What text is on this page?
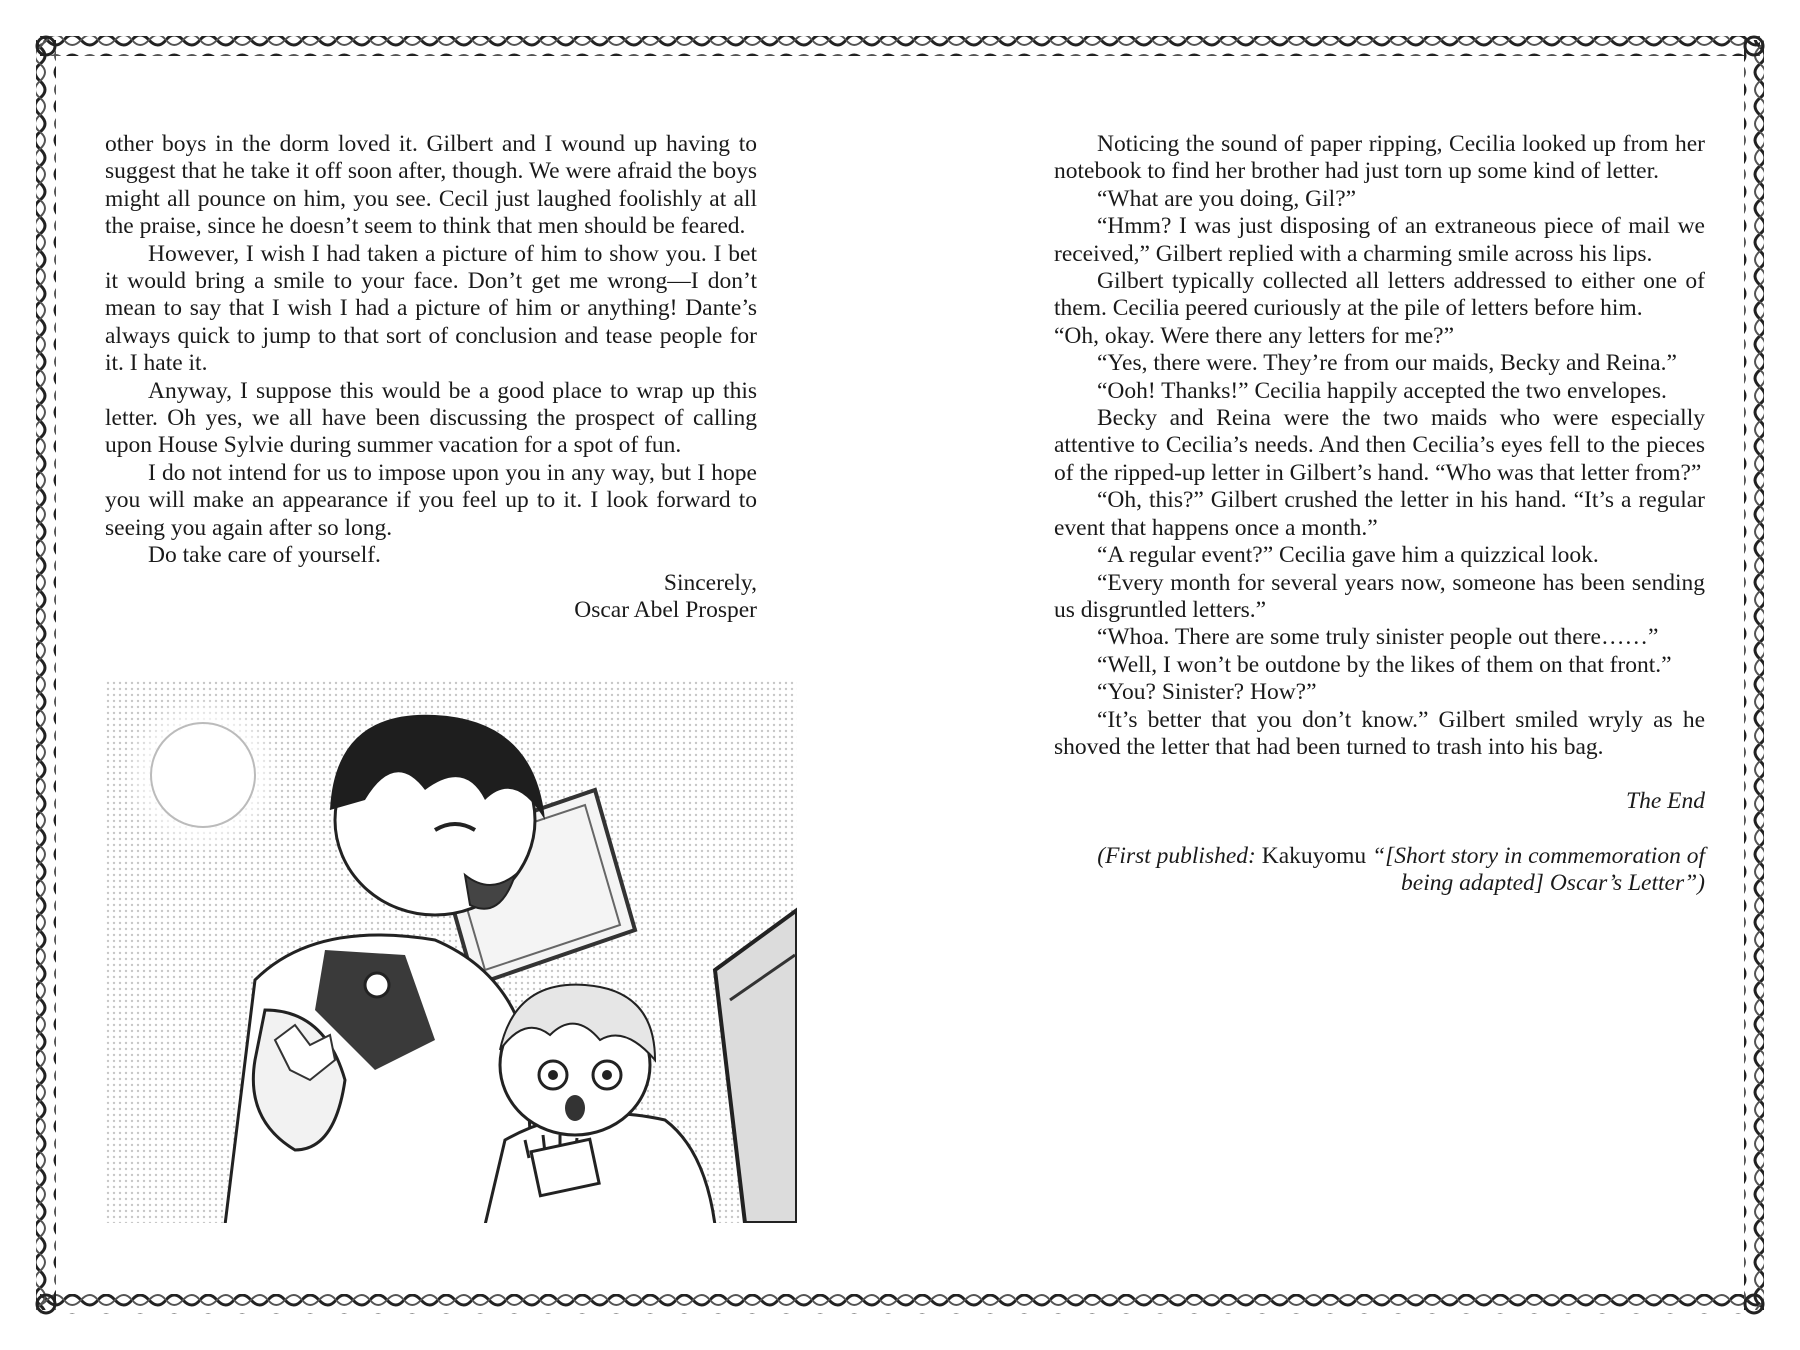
other boys in the dorm loved it. Gilbert and I wound up having to suggest that he take it off soon after, though. We were afraid the boys might all pounce on him, you see. Cecil just laughed foolishly at all the praise, since he doesn’t seem to think that men should be feared.

However, I wish I had taken a picture of him to show you. I bet it would bring a smile to your face. Don’t get me wrong—I don’t mean to say that I wish I had a picture of him or anything! Dante’s always quick to jump to that sort of conclusion and tease people for it. I hate it.

Anyway, I suppose this would be a good place to wrap up this letter. Oh yes, we all have been discussing the prospect of calling upon House Sylvie during summer vacation for a spot of fun.

I do not intend for us to impose upon you in any way, but I hope you will make an appearance if you feel up to it. I look forward to seeing you again after so long.

Do take care of yourself.

Sincerely,

Oscar Abel Prosper

Noticing the sound of paper ripping, Cecilia looked up from her notebook to find her brother had just torn up some kind of letter.

“What are you doing, Gil?”

“Hmm? I was just disposing of an extraneous piece of mail we received,” Gilbert replied with a charming smile across his lips.

Gilbert typically collected all letters addressed to either one of them. Cecilia peered curiously at the pile of letters before him.

“Oh, okay. Were there any letters for me?”

“Yes, there were. They’re from our maids, Becky and Reina.”

“Ooh! Thanks!” Cecilia happily accepted the two envelopes.

Becky and Reina were the two maids who were especially attentive to Cecilia’s needs. And then Cecilia’s eyes fell to the pieces of the ripped-up letter in Gilbert’s hand. “Who was that letter from?”

“Oh, this?” Gilbert crushed the letter in his hand. “It’s a regular event that happens once a month.”

“A regular event?” Cecilia gave him a quizzical look.

“Every month for several years now, someone has been sending us disgruntled letters.”

“Whoa. There are some truly sinister people out there……”

“Well, I won’t be outdone by the likes of them on that front.”

“You? Sinister? How?”

“It’s better that you don’t know.” Gilbert smiled wryly as he shoved the letter that had been turned to trash into his bag.

The End

(First published: Kakuyomu “[Short story in commemoration of being adapted] Oscar’s Letter”)
